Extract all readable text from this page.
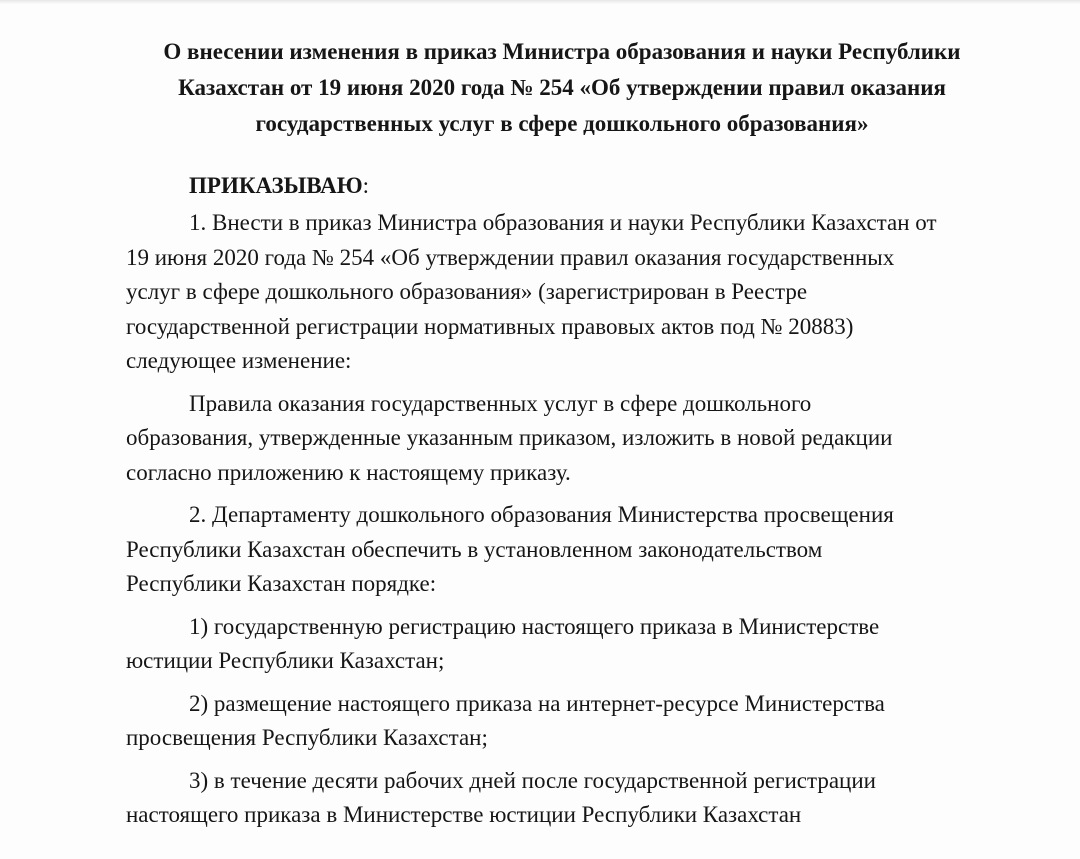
О внесении изменения в приказ Министра образования и науки Республики
Казахстан от 19 июня 2020 года № 254 «Об утверждении правил оказания
государственных услуг в сфере дошкольного образования»
ПРИКАЗЫВАЮ:

1. Внести в приказ Министра образования и науки Республики Казахстан от
19 июня 2020 года № 254 «Об утверждении правил оказания государственных
услуг в сфере дошкольного образования» (зарегистрирован в Реестре
государственной регистрации нормативных правовых актов под № 20883)
следующее изменение:

Правила оказания государственных услуг в сфере дошкольного
образования, утвержденные указанным приказом, изложить в новой редакции
согласно приложению к настоящему приказу.

2. Департаменту дошкольного образования Министерства просвещения
Республики Казахстан обеспечить в установленном законодательством
Республики Казахстан порядке:

1) государственную регистрацию настоящего приказа в Министерстве
юстиции Республики Казахстан;

2) размещение настоящего приказа на интернет-ресурсе Министерства
просвещения Республики Казахстан;

3) в течение десяти рабочих дней после государственной регистрации
настоящего приказа в Министерстве юстиции Республики Казахстан
